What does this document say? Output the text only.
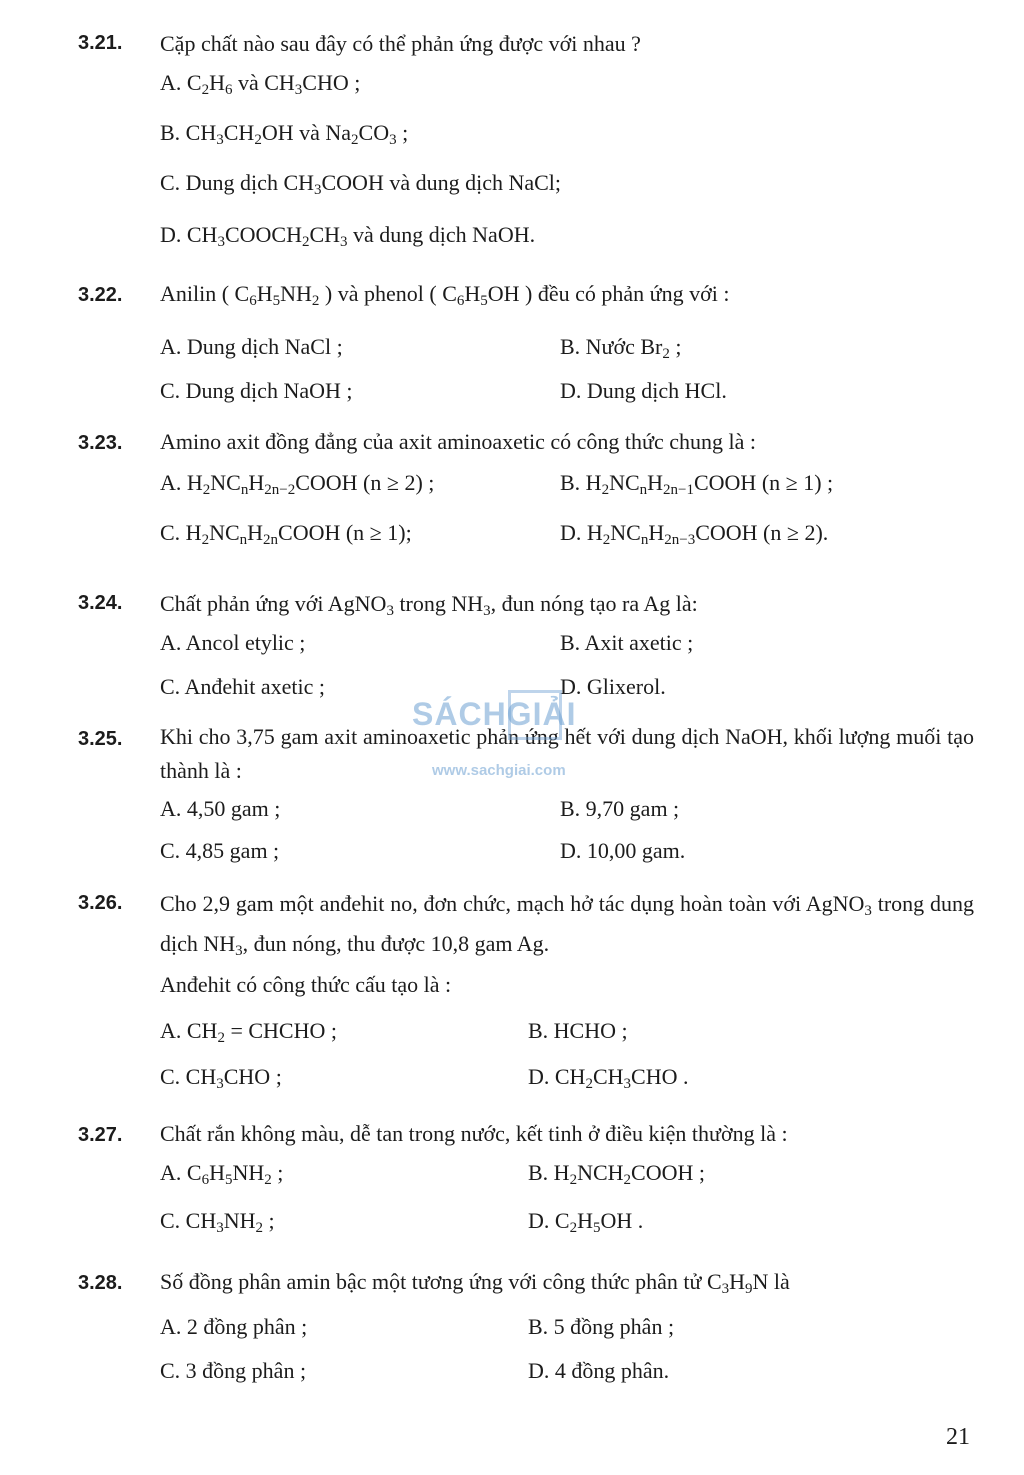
3.21. Cặp chất nào sau đây có thể phản ứng được với nhau ?
A. $C_2H_6$ và $CH_3CHO$ ;
B. $CH_3CH_2OH$ và $Na_2CO_3$ ;
C. Dung dịch $CH_3COOH$ và dung dịch NaCl;
D. $CH_3COOCH_2CH_3$ và dung dịch NaOH.
3.22. Anilin ( $C_6H_5NH_2$ ) và phenol ( $C_6H_5OH$ ) đều có phản ứng với :
A. Dung dịch NaCl ;	B. Nước $Br_2$ ;
C. Dung dịch NaOH ;	D. Dung dịch HCl.
3.23. Amino axit đồng đẳng của axit aminoaxetic có công thức chung là :
A. $H_2NC_nH_{2n-2}COOH$ (n ≥ 2) ;	B. $H_2NC_nH_{2n-1}COOH$ (n ≥ 1) ;
C. $H_2NC_nH_{2n}COOH$ (n ≥ 1);	D. $H_2NC_nH_{2n-3}COOH$ (n ≥ 2).
3.24. Chất phản ứng với AgNO$_3$ trong $NH_3$, đun nóng tạo ra Ag là:
A. Ancol etylic ;	B. Axit axetic ;
C. Anđehit axetic ;	D. Glixerol.
3.25. Khi cho 3,75 gam axit aminoaxetic phản ứng hết với dung dịch NaOH, khối lượng muối tạo thành là :
A. 4,50 gam ;	B. 9,70 gam ;
C. 4,85 gam ;	D. 10,00 gam.
3.26. Cho 2,9 gam một anđehit no, đơn chức, mạch hở tác dụng hoàn toàn với AgNO$_3$ trong dung dịch $NH_3$, đun nóng, thu được 10,8 gam Ag.
Anđehit có công thức cấu tạo là :
A. $CH_2$ = CHCHO ;	B. HCHO ;
C. $CH_3CHO$ ;	D. $CH_2CH_3CHO$ .
3.27. Chất rắn không màu, dễ tan trong nước, kết tinh ở điều kiện thường là :
A. $C_6H_5NH_2$ ;	B. $H_2NCH_2COOH$ ;
C. $CH_3NH_2$ ;	D. $C_2H_5OH$ .
3.28. Số đồng phân amin bậc một tương ứng với công thức phân tử $C_3H_9N$ là
A. 2 đồng phân ;	B. 5 đồng phân ;
C. 3 đồng phân ;	D. 4 đồng phân.
SÁCHGIẢI
www.sachgiai.com
21
